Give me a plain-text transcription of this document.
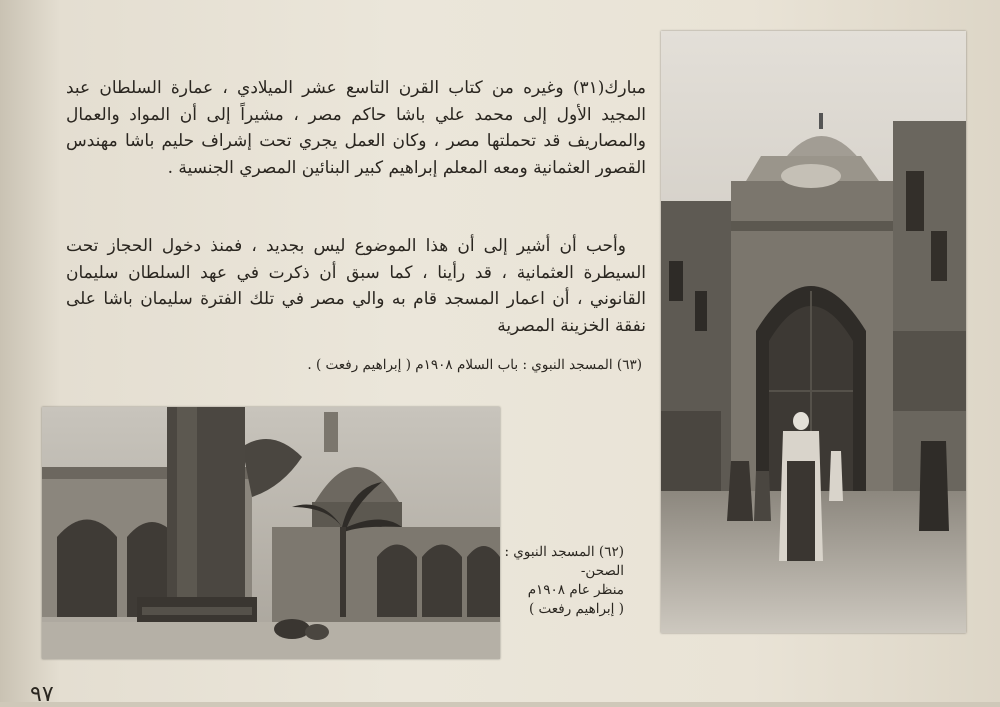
مبارك(٣١) وغيره من كتاب القرن التاسع عشر الميلادي ، عمارة السلطان عبد المجيد الأول إلى محمد علي باشا حاكم مصر ، مشيراً إلى أن المواد والعمال والمصاريف قد تحملتها مصر ، وكان العمل يجري تحت إشراف حليم باشا مهندس القصور العثمانية ومعه المعلم إبراهيم كبير البنائين المصري الجنسية .

وأحب أن أشير إلى أن هذا الموضوع ليس بجديد ، فمنذ دخول الحجاز تحت السيطرة العثمانية ، قد رأينا ، كما سبق أن ذكرت في عهد السلطان سليمان القانوني ، أن اعمار المسجد قام به والي مصر في تلك الفترة سليمان باشا على نفقة الخزينة المصرية

(٦٣) المسجد النبوي : باب السلام ١٩٠٨م ( إبراهيم رفعت ) .
(٦٢) المسجد النبوي :
الصحن-
منظر عام ١٩٠٨م
( إبراهيم رفعت )
٩٧
